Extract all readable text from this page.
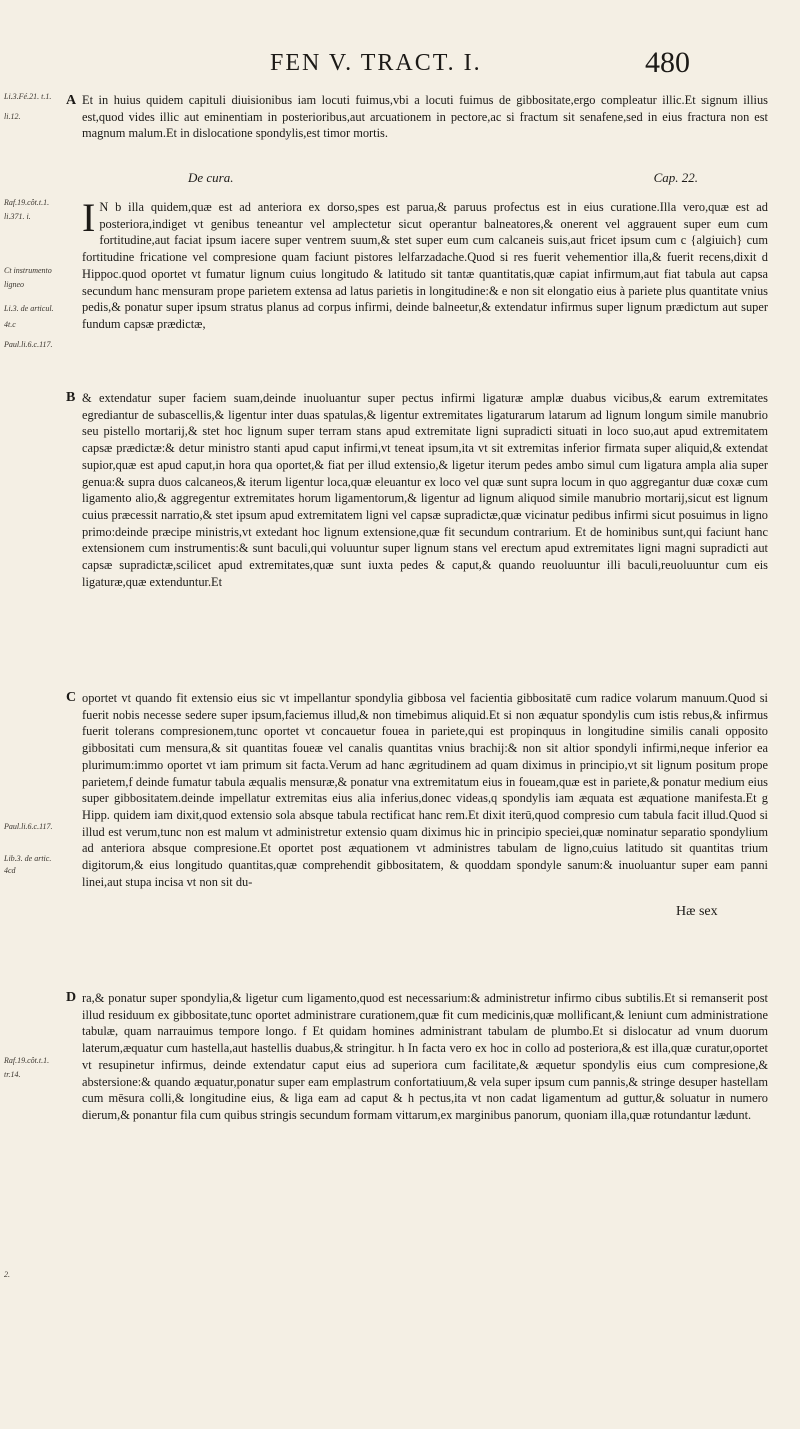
FEN V. TRACT. I.	480
Li.3.Fé.21. t.1.
li.12.
Raf.19.côt.t.1.
li.371. i.
Ct instrumento
ligneo
Li.3. de articul.
4t.c
Paul.li.6.c.117.
Paul.li.6.c.117.
Lib.3. de artic.
4cd
Raf.19.côt.t.1.
tr.14.
2.
A
B
C
D

Et in huius quidem capituli diuisionibus iam locuti fuimus,vbi a locuti fuimus de gibbositate,ergo compleatur illic.Et signum illius est,quod vides illic aut eminentiam in posterioribus,aut arcuationem in pectore,ac si fractum sit senafene,sed in eius fractura non est magnum malum.Et in dislocatione spondylis,est timor mortis.

De cura.	Cap. 22.

I N b illa quidem,quæ est ad anteriora ex dorso,spes est parua,& paruus profectus est in eius curatione.Illa vero,quæ est ad posteriora,indiget vt genibus teneantur vel amplectetur sicut operantur balneatores,& onerent vel aggrauent super eum cum fortitudine,aut faciat ipsum iacere super ventrem suum,& stet super eum cum calcaneis suis,aut fricet ipsum cum c {algiuich} cum fortitudine fricatione vel compresione quam faciunt pistores lelfarzadache.Quod si res fuerit vehementior illa,& fuerit recens,dixit d Hippoc.quod oportet vt fumatur lignum cuius longitudo & latitudo sit tantæ quantitatis,quæ capiat infirmum,aut fiat tabula aut capsa secundum hanc mensuram prope parietem extensa ad latus parietis in longitudine:& e non sit elongatio eius à pariete plus quantitate vnius pedis,& ponatur super ipsum stratus planus ad corpus infirmi, deinde balneetur,& extendatur infirmus super lignum prædictum aut super fundum capsæ prædictæ,

& extendatur super faciem suam,deinde inuoluantur super pectus infirmi ligaturæ amplæ duabus vicibus,& earum extremitates egrediantur de subascellis,& ligentur inter duas spatulas,& ligentur extremitates ligaturarum latarum ad lignum longum simile manubrio seu pistello mortarij,& stet hoc lignum super terram stans apud extremitate ligni supradicti situati in loco suo,aut apud extremitatem capsæ prædictæ:& detur ministro stanti apud caput infirmi,vt teneat ipsum,ita vt sit extremitas inferior firmata super aliquid,& extendat supior,quæ est apud caput,in hora qua oportet,& fiat per illud extensio,& ligetur iterum pedes ambo simul cum ligatura ampla alia super genua:& supra duos calcaneos,& iterum ligentur loca,quæ eleuantur ex loco vel quæ sunt supra locum in quo aggregantur duæ coxæ cum ligamento alio,& aggregentur extremitates horum ligamentorum,& ligentur ad lignum aliquod simile manubrio mortarij,sicut est lignum cuius præcessit narratio,& stet ipsum apud extremitatem ligni vel capsæ supradictæ,quæ vicinatur pedibus infirmi sicut posuimus in ligno primo:deinde præcipe ministris,vt extedant hoc lignum extensione,quæ fit secundum contrarium. Et de hominibus sunt,qui faciunt hanc extensionem cum instrumentis:& sunt baculi,qui voluuntur super lignum stans vel erectum apud extremitates ligni magni supradicti aut capsæ supradictæ,scilicet apud extremitates,quæ sunt iuxta pedes & caput,& quando reuoluuntur illi baculi,reuoluuntur cum eis ligaturæ,quæ extenduntur.Et

oportet vt quando fit extensio eius sic vt impellantur spondylia gibbosa vel facientia gibbositatē cum radice volarum manuum.Quod si fuerit nobis necesse sedere super ipsum,faciemus illud,& non timebimus aliquid.Et si non æquatur spondylis cum istis rebus,& infirmus fuerit tolerans compresionem,tunc oportet vt concauetur fouea in pariete,qui est propinquus in longitudine similis canali opposito gibbositati cum mensura,& sit quantitas foueæ vel canalis quantitas vnius brachij:& non sit altior spondyli infirmi,neque inferior ea plurimum:immo oportet vt iam primum sit facta.Verum ad hanc ægritudinem ad quam diximus in principio,vt sit lignum positum prope parietem,f deinde fumatur tabula æqualis mensuræ,& ponatur vna extremitatum eius in foueam,quæ est in pariete,& ponatur medium eius super gibbositatem.deinde impellatur extremitas eius alia inferius,donec videas,q spondylis iam æquata est æquatione manifesta.Et g Hipp. quidem iam dixit,quod extensio sola absque tabula rectificat hanc rem.Et dixit iterū,quod compresio cum tabula facit illud.Quod si illud est verum,tunc non est malum vt administretur extensio quam diximus hic in principio speciei,quæ nominatur separatio spondylium ad anteriora absque compresione.Et oportet post æquationem vt administres tabulam de ligno,cuius latitudo sit quantitas trium digitorum,& eius longitudo quantitas,quæ comprehendit gibbositatem, & quoddam spondyle sanum:& inuoluantur super eam panni linei,aut stupa incisa vt non sit du-

ra,& ponatur super spondylia,& ligetur cum ligamento,quod est necessarium:& administretur infirmo cibus subtilis.Et si remanserit post illud residuum ex gibbositate,tunc oportet administrare curationem,quæ fit cum medicinis,quæ mollificant,& leniunt cum administratione tabulæ, quam narrauimus tempore longo. f Et quidam homines administrant tabulam de plumbo.Et si dislocatur ad vnum duorum laterum,æquatur cum hastella,aut hastellis duabus,& stringitur. h In facta vero ex hoc in collo ad posteriora,& est illa,quæ curatur,oportet vt resupinetur infirmus, deinde extendatur caput eius ad superiora cum facilitate,& æquetur spondylis eius cum compresione,& abstersione:& quando æquatur,ponatur super eam emplastrum confortatiuum,& vela super ipsum cum pannis,& stringe desuper hastellam cum mēsura colli,& longitudine eius, & liga eam ad caput & h pectus,ita vt non cadat ligamentum ad guttur,& soluatur in numero dierum,& ponantur fila cum quibus stringis secundum formam vittarum,ex marginibus panorum, quoniam illa,quæ rotundantur lædunt.

Hæ sex
